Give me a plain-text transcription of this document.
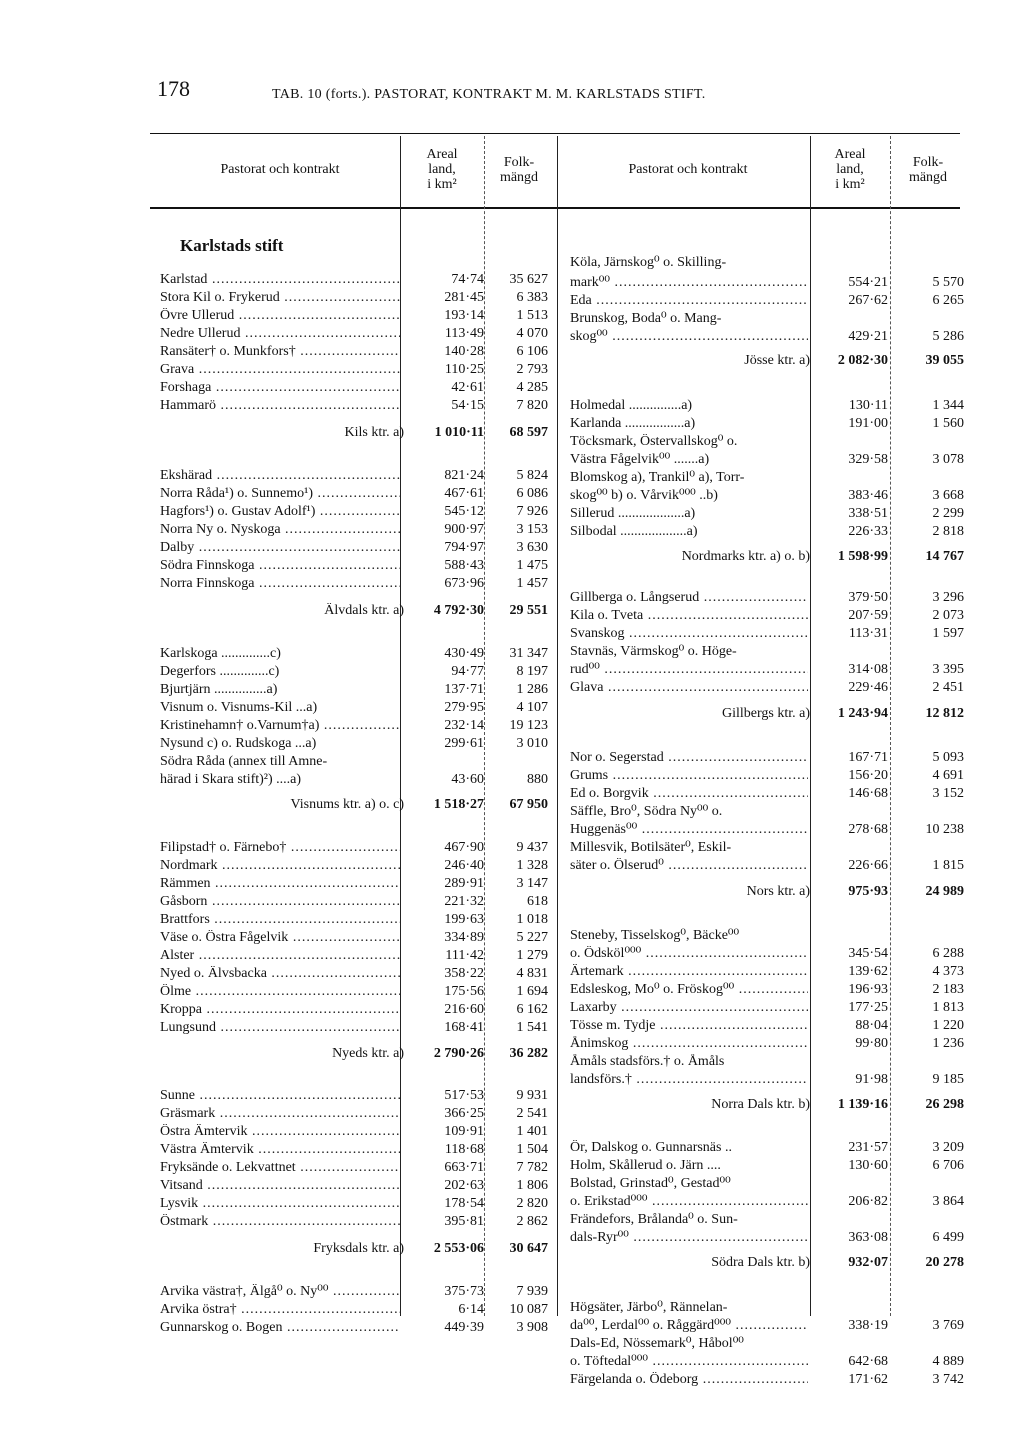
178	TAB. 10 (forts.). PASTORAT, KONTRAKT M. M. KARLSTADS STIFT.
Pastorat och kontrakt
Areal
land,
i km²
Folk-
mängd
Pastorat och kontrakt
Areal
land,
i km²
Folk-
mängd
Karlstads stift
Karlstad .....	74·74	35 627
Stora Kil o. Frykerud .....	281·45	6 383
Övre Ullerud .....	193·14	1 513
Nedre Ullerud .....	113·49	4 070
Ransäter† o. Munkfors† .....	140·28	6 106
Grava .....	110·25	2 793
Forshaga .....	42·61	4 285
Hammarö .....	54·15	7 820
Kils ktr. a)	1 010·11	68 597
Ekshärad .....	821·24	5 824
Norra Råda¹) o. Sunnemo¹) .....	467·61	6 086
Hagfors¹) o. Gustav Adolf¹) .....	545·12	7 926
Norra Ny o. Nyskoga .....	900·97	3 153
Dalby .....	794·97	3 630
Södra Finnskoga .....	588·43	1 475
Norra Finnskoga .....	673·96	1 457
Älvdals ktr. a)	4 792·30	29 551
Karlskoga ..............c)	430·49	31 347
Degerfors ..............c)	94·77	8 197
Bjurtjärn ...............a)	137·71	1 286
Visnum o. Visnums-Kil ...a)	279·95	4 107
Kristinehamn† o.Varnum†a) .....	232·14	19 123
Nysund c) o. Rudskoga ...a)	299·61	3 010
Södra Råda (annex till Amne-
härad i Skara stift)²) ....a)	43·60	880
Visnums ktr. a) o. c)	1 518·27	67 950
Filipstad† o. Färnebo† .....	467·90	9 437
Nordmark .....	246·40	1 328
Rämmen .....	289·91	3 147
Gåsborn .....	221·32	618
Brattfors .....	199·63	1 018
Väse o. Östra Fågelvik .....	334·89	5 227
Alster .....	111·42	1 279
Nyed o. Älvsbacka .....	358·22	4 831
Ölme .....	175·56	1 694
Kroppa .....	216·60	6 162
Lungsund .....	168·41	1 541
Nyeds ktr. a)	2 790·26	36 282
Sunne .....	517·53	9 931
Gräsmark .....	366·25	2 541
Östra Ämtervik .....	109·91	1 401
Västra Ämtervik .....	118·68	1 504
Fryksände o. Lekvattnet .....	663·71	7 782
Vitsand .....	202·63	1 806
Lysvik .....	178·54	2 820
Östmark .....	395·81	2 862
Fryksdals ktr. a)	2 553·06	30 647
Arvika västra†, Älgå⁰ o. Ny⁰⁰ .....	375·73	7 939
Arvika östra† .....	6·14	10 087
Gunnarskog o. Bogen .....	449·39	3 908
Köla, Järnskog⁰ o. Skilling-
mark⁰⁰ .....	554·21	5 570
Eda .....	267·62	6 265
Brunskog, Boda⁰ o. Mang-
skog⁰⁰ .....	429·21	5 286
Jösse ktr. a)	2 082·30	39 055
Holmedal ...............a)	130·11	1 344
Karlanda .................a)	191·00	1 560
Töcksmark, Östervallskog⁰ o.
Västra Fågelvik⁰⁰ .......a)	329·58	3 078
Blomskog a), Trankil⁰ a), Torr-
skog⁰⁰ b) o. Vårvik⁰⁰⁰ ..b)	383·46	3 668
Sillerud ...................a)	338·51	2 299
Silbodal ...................a)	226·33	2 818
Nordmarks ktr. a) o. b)	1 598·99	14 767
Gillberga o. Långserud .....	379·50	3 296
Kila o. Tveta .....	207·59	2 073
Svanskog .....	113·31	1 597
Stavnäs, Värmskog⁰ o. Höge-
rud⁰⁰ .....	314·08	3 395
Glava .....	229·46	2 451
Gillbergs ktr. a)	1 243·94	12 812
Nor o. Segerstad .....	167·71	5 093
Grums .....	156·20	4 691
Ed o. Borgvik .....	146·68	3 152
Säffle, Bro⁰, Södra Ny⁰⁰ o.
Huggenäs⁰⁰ .....	278·68	10 238
Millesvik, Botilsäter⁰, Eskil-
säter o. Ölserud⁰ .....	226·66	1 815
Nors ktr. a)	975·93	24 989
Steneby, Tisselskog⁰, Bäcke⁰⁰
o. Ödsköl⁰⁰⁰ .....	345·54	6 288
Ärtemark .....	139·62	4 373
Edsleskog, Mo⁰ o. Fröskog⁰⁰ .....	196·93	2 183
Laxarby .....	177·25	1 813
Tösse m. Tydje .....	88·04	1 220
Ånimskog .....	99·80	1 236
Åmåls stadsförs.† o. Åmåls
landsförs.† .....	91·98	9 185
Norra Dals ktr. b)	1 139·16	26 298
Ör, Dalskog o. Gunnarsnäs ..	231·57	3 209
Holm, Skållerud o. Järn ....	130·60	6 706
Bolstad, Grinstad⁰, Gestad⁰⁰
o. Erikstad⁰⁰⁰ .....	206·82	3 864
Frändefors, Brålanda⁰ o. Sun-
dals-Ryr⁰⁰ .....	363·08	6 499
Södra Dals ktr. b)	932·07	20 278
Högsäter, Järbo⁰, Rännelan-
da⁰⁰, Lerdal⁰⁰ o. Råggärd⁰⁰⁰ .....	338·19	3 769
Dals-Ed, Nössemark⁰, Håbol⁰⁰
o. Töftedal⁰⁰⁰ .....	642·68	4 889
Färgelanda o. Ödeborg .....	171·62	3 742
